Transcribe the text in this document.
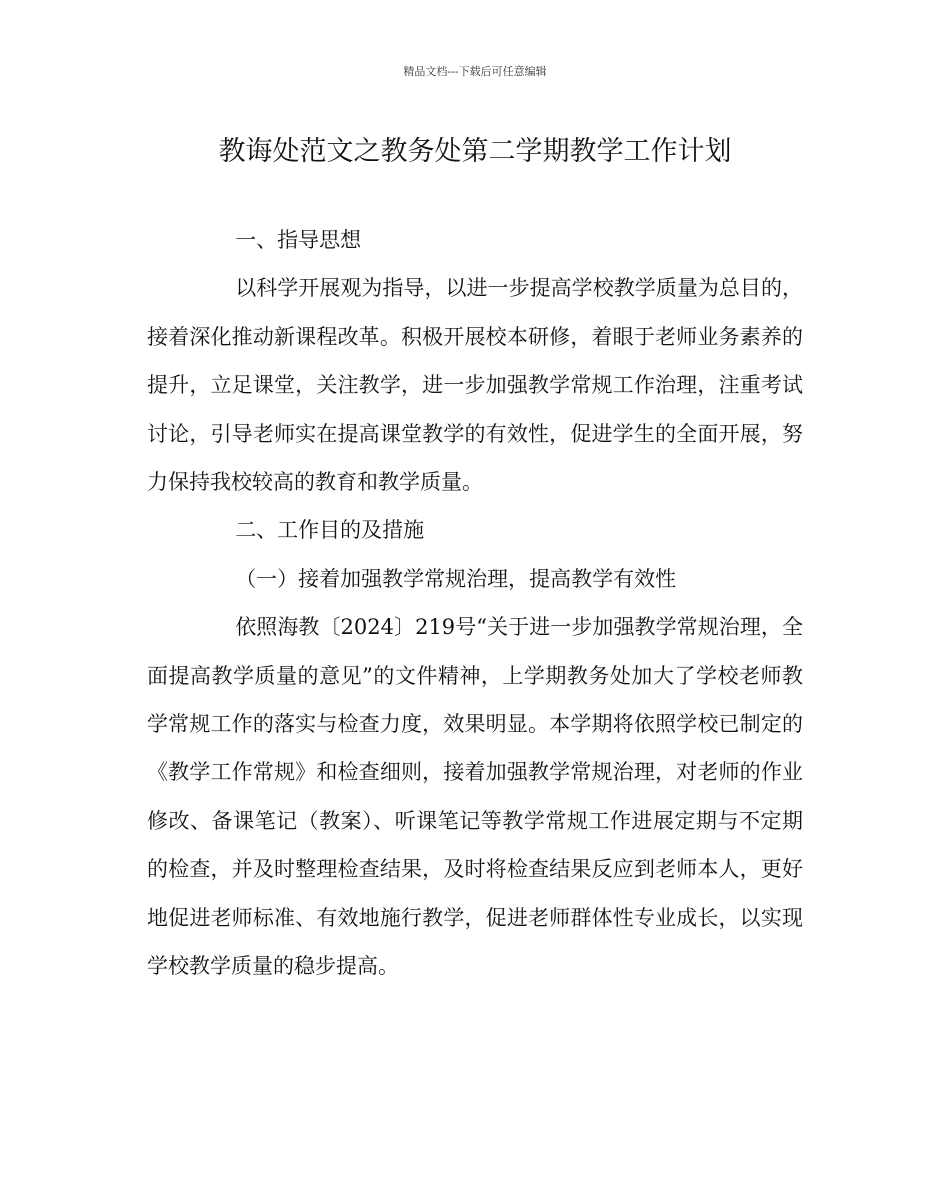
精品文档---下载后可任意编辑
教诲处范文之教务处第二学期教学工作计划

一、指导思想

以科学开展观为指导，以进一步提高学校教学质量为总目的，接着深化推动新课程改革。积极开展校本研修，着眼于老师业务素养的提升，立足课堂，关注教学，进一步加强教学常规工作治理，注重考试讨论，引导老师实在提高课堂教学的有效性，促进学生的全面开展，努力保持我校较高的教育和教学质量。

二、工作目的及措施

（一）接着加强教学常规治理，提高教学有效性

依照海教〔2024〕219号“关于进一步加强教学常规治理，全面提高教学质量的意见”的文件精神，上学期教务处加大了学校老师教学常规工作的落实与检查力度，效果明显。本学期将依照学校已制定的《教学工作常规》和检查细则，接着加强教学常规治理，对老师的作业修改、备课笔记（教案）、听课笔记等教学常规工作进展定期与不定期的检查，并及时整理检查结果，及时将检查结果反应到老师本人，更好地促进老师标准、有效地施行教学，促进老师群体性专业成长，以实现学校教学质量的稳步提高。
